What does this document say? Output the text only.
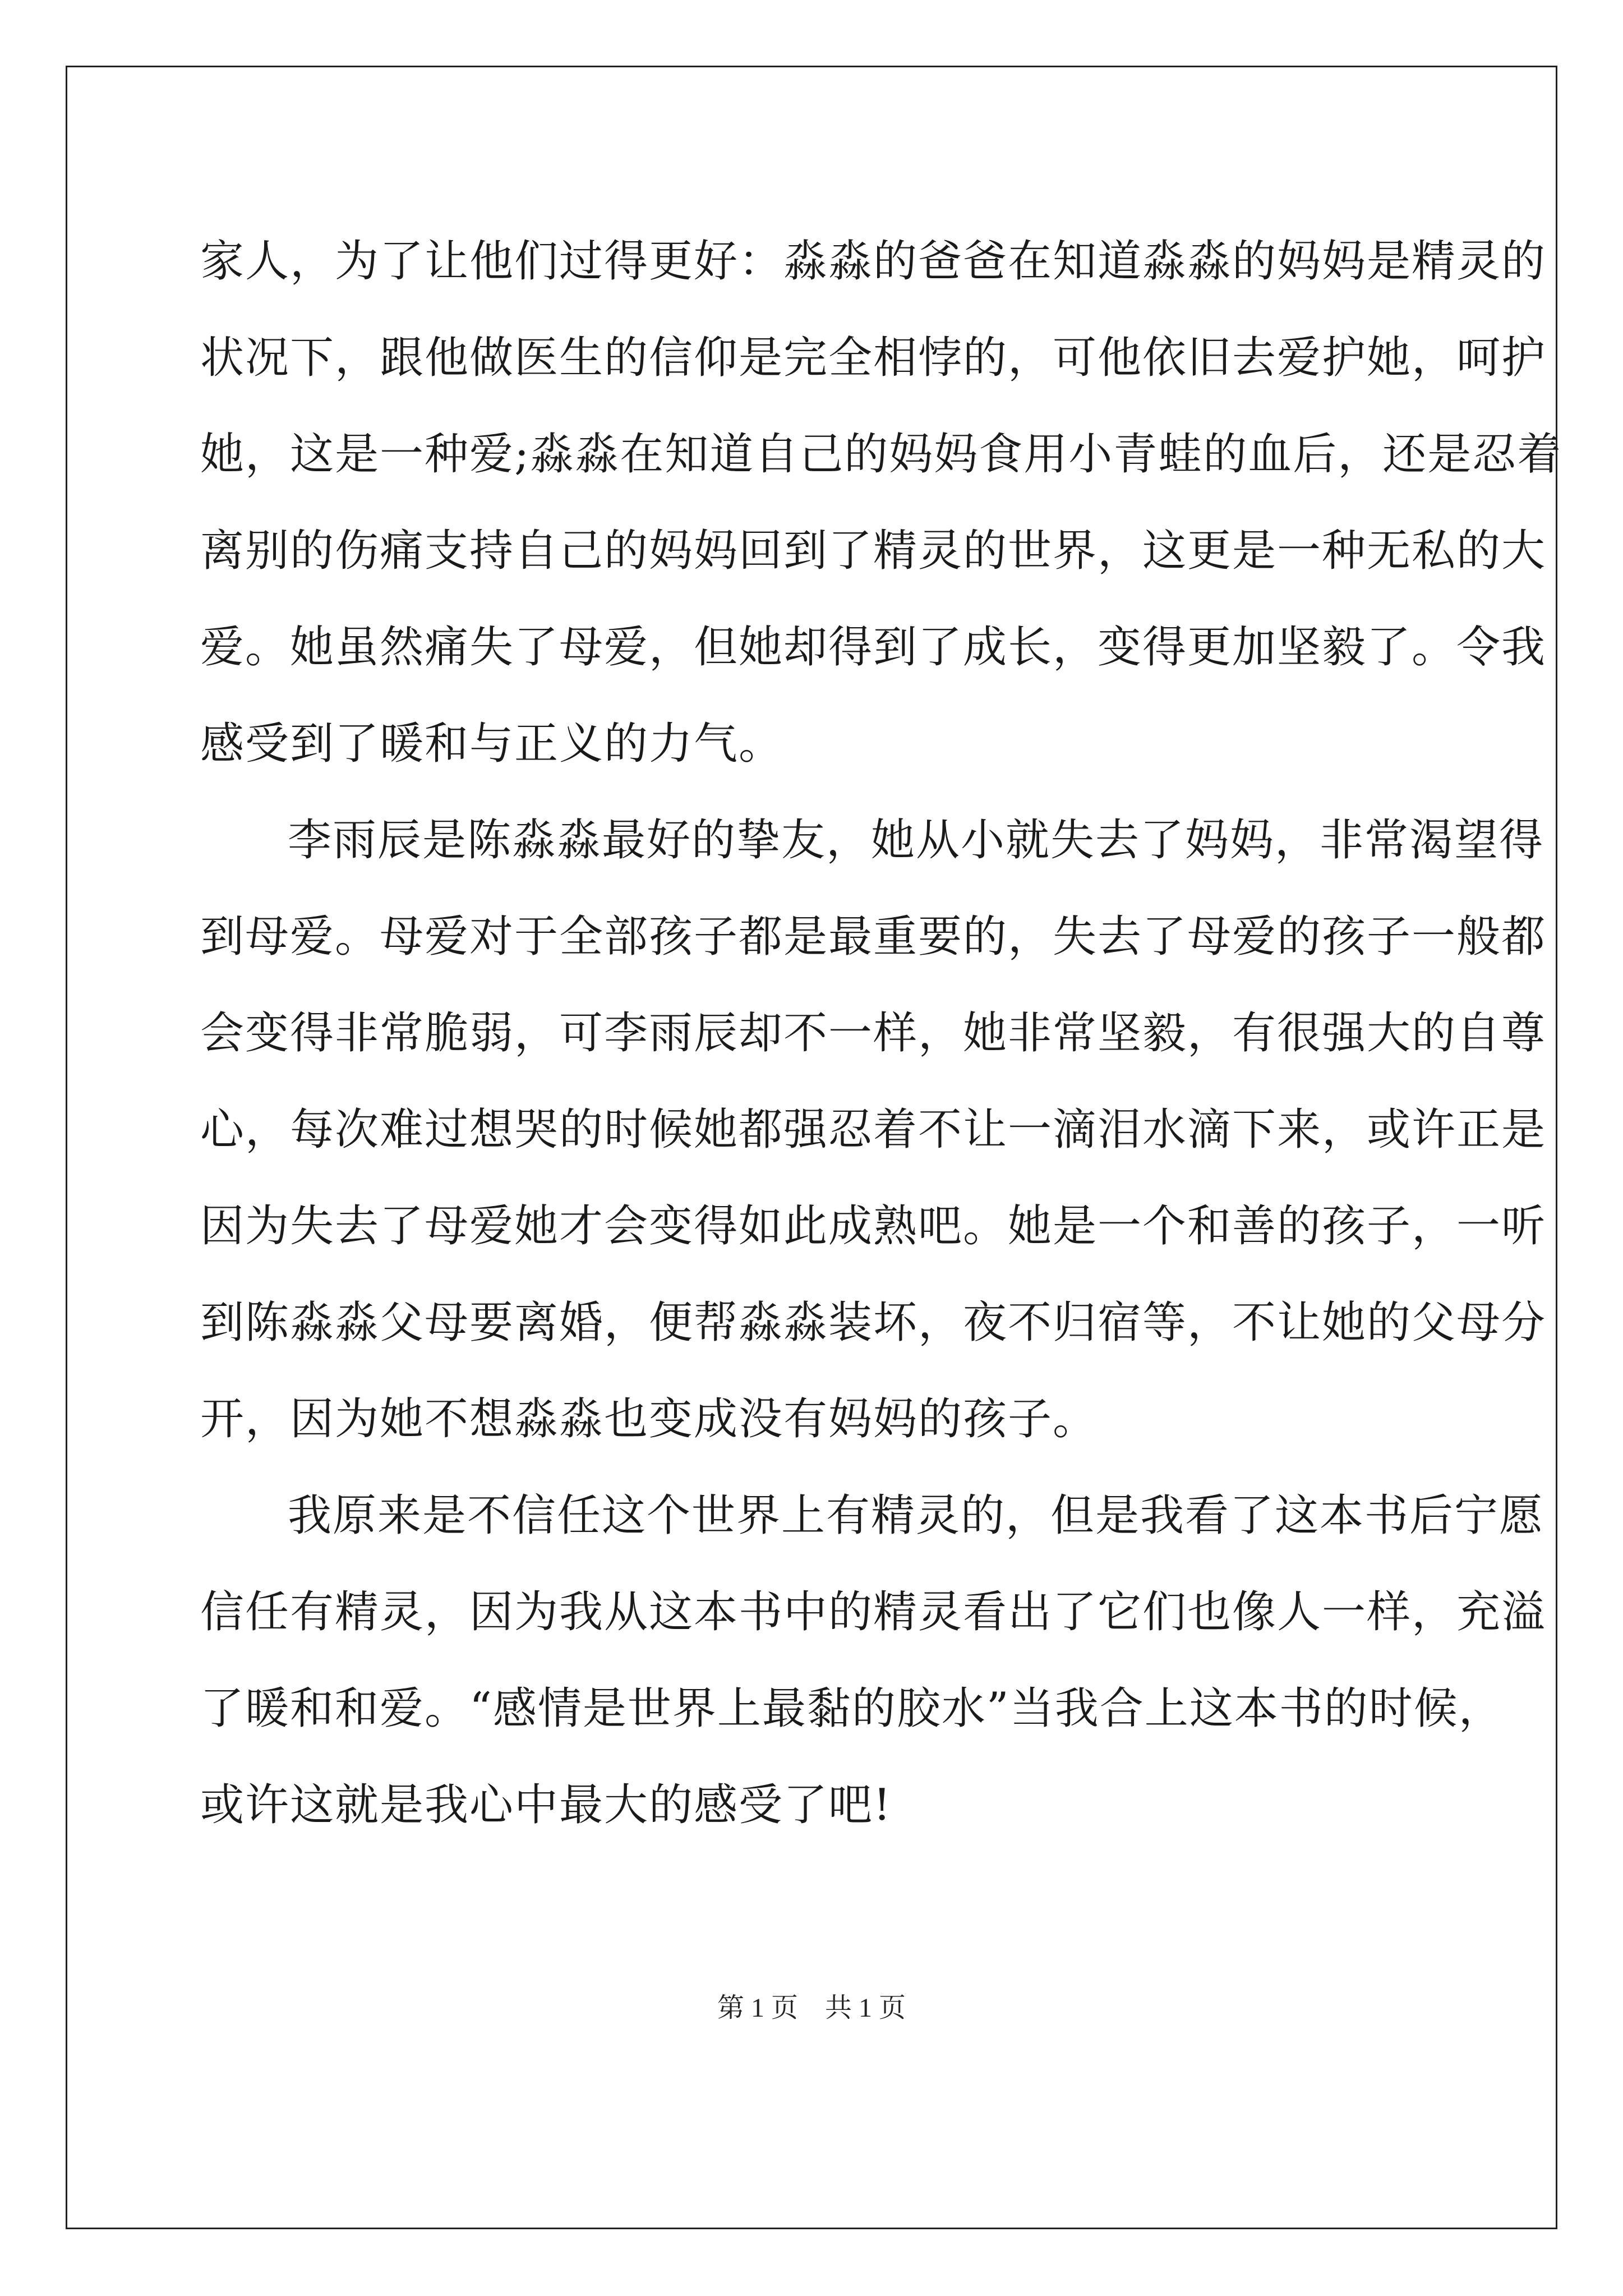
家人，为了让他们过得更好：淼淼的爸爸在知道淼淼的妈妈是精灵的
状况下，跟他做医生的信仰是完全相悖的，可他依旧去爱护她，呵护
她，这是一种爱;淼淼在知道自己的妈妈食用小青蛙的血后，还是忍着
离别的伤痛支持自己的妈妈回到了精灵的世界，这更是一种无私的大
爱。她虽然痛失了母爱，但她却得到了成长，变得更加坚毅了。令我
感受到了暖和与正义的力气。
李雨辰是陈淼淼最好的挚友，她从小就失去了妈妈，非常渴望得
到母爱。母爱对于全部孩子都是最重要的，失去了母爱的孩子一般都
会变得非常脆弱，可李雨辰却不一样，她非常坚毅，有很强大的自尊
心，每次难过想哭的时候她都强忍着不让一滴泪水滴下来，或许正是
因为失去了母爱她才会变得如此成熟吧。她是一个和善的孩子，一听
到陈淼淼父母要离婚，便帮淼淼装坏，夜不归宿等，不让她的父母分
开，因为她不想淼淼也变成没有妈妈的孩子。
我原来是不信任这个世界上有精灵的，但是我看了这本书后宁愿
信任有精灵，因为我从这本书中的精灵看出了它们也像人一样，充溢
了暖和和爱。“感情是世界上最黏的胶水”当我合上这本书的时候，
或许这就是我心中最大的感受了吧!
第 1 页　共 1 页
